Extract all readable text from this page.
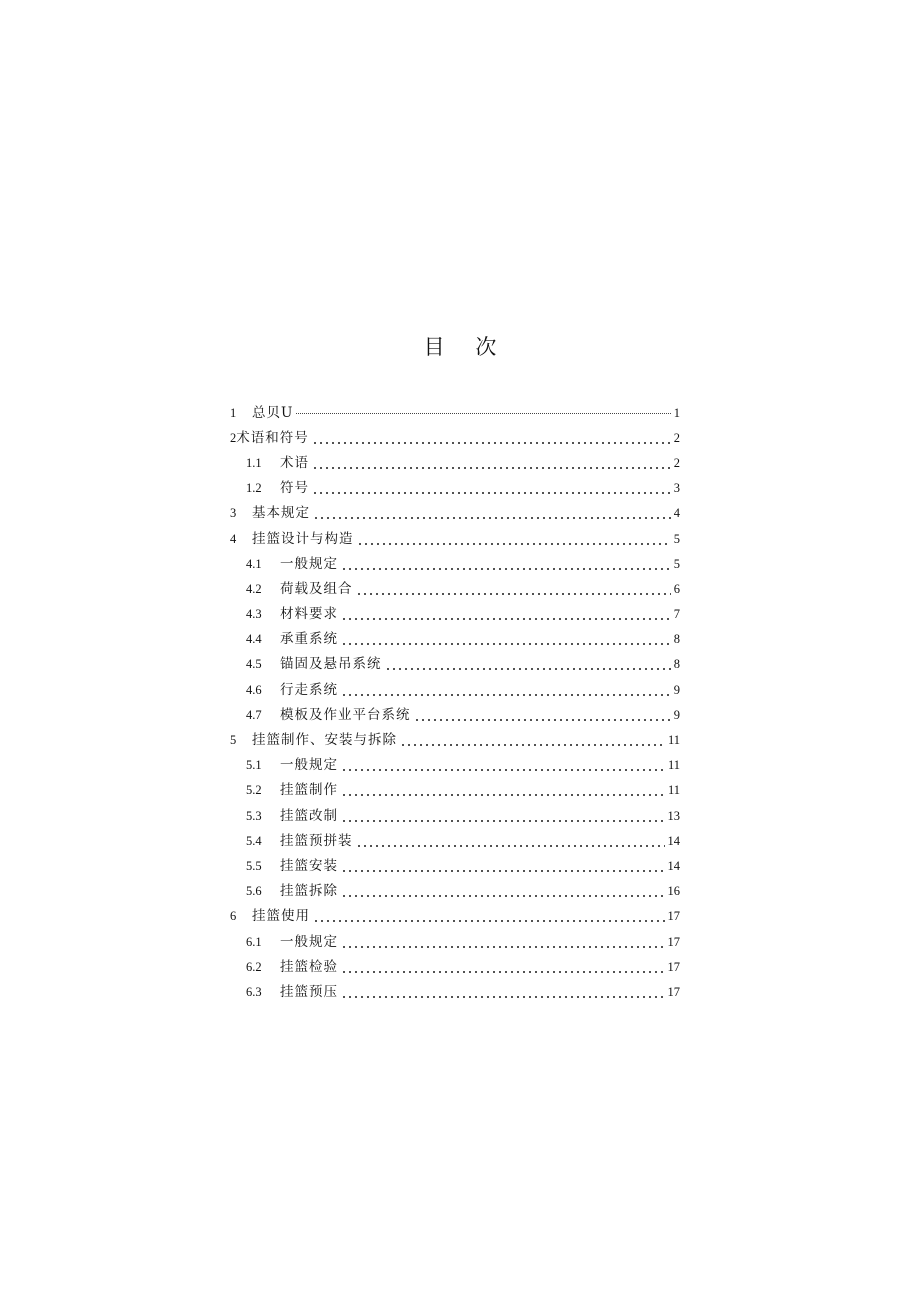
目 次
1	总贝U	1
2 术语和符号	2
1.1	术语	2
1.2	符号	3
3	基本规定	4
4	挂篮设计与构造	5
4.1	一般规定	5
4.2	荷载及组合	6
4.3	材料要求	7
4.4	承重系统	8
4.5	锚固及悬吊系统	8
4.6	行走系统	9
4.7	模板及作业平台系统	9
5	挂篮制作、安装与拆除	11
5.1	一般规定	11
5.2	挂篮制作	11
5.3	挂篮改制	13
5.4	挂篮预拼装	14
5.5	挂篮安装	14
5.6	挂篮拆除	16
6	挂篮使用	17
6.1	一般规定	17
6.2	挂篮检验	17
6.3	挂篮预压	17
